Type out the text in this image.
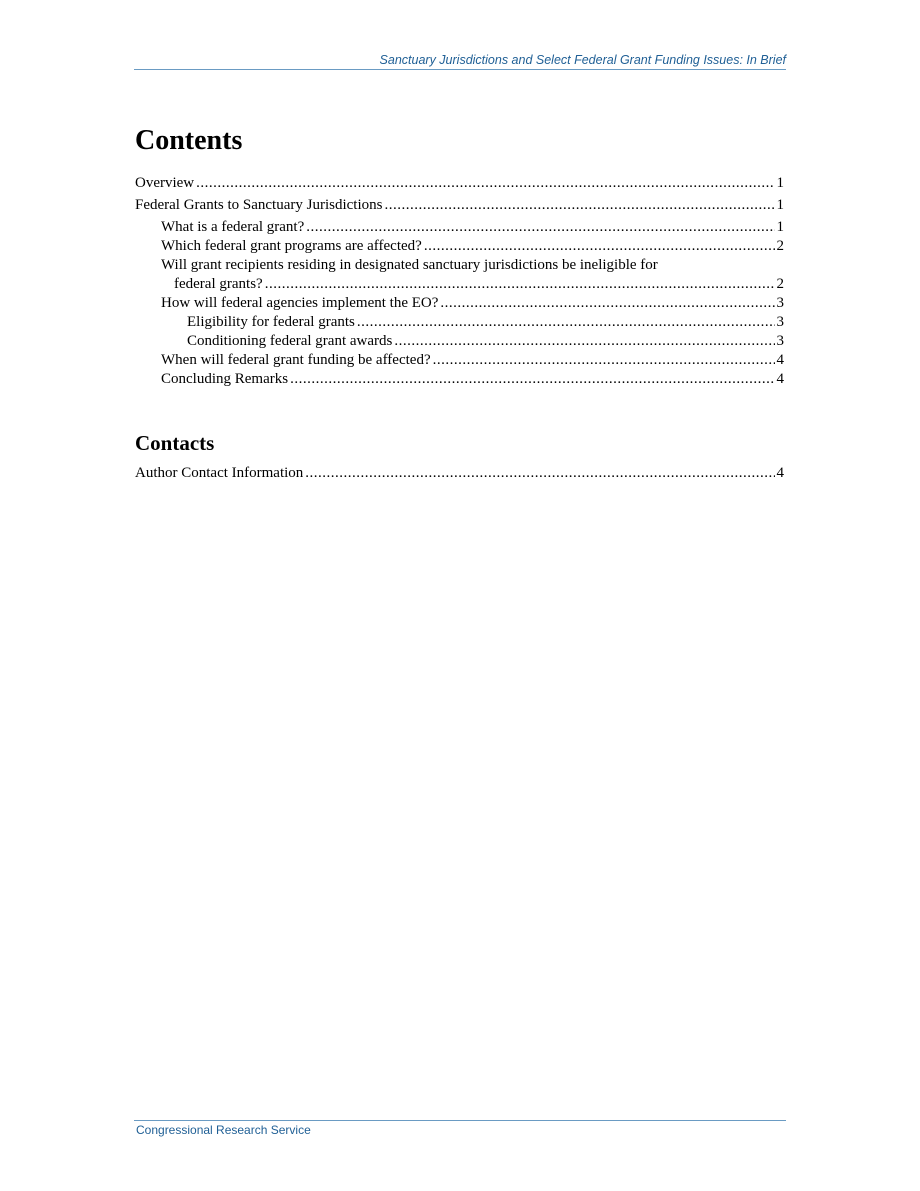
Sanctuary Jurisdictions and Select Federal Grant Funding Issues: In Brief
Contents
Overview .....	1
Federal Grants to Sanctuary Jurisdictions .....	1
What is a federal grant? .....	1
Which federal grant programs are affected? .....	2
Will grant recipients residing in designated sanctuary jurisdictions be ineligible for
federal grants? .....	2
How will federal agencies implement the EO? .....	3
Eligibility for federal grants .....	3
Conditioning federal grant awards .....	3
When will federal grant funding be affected? .....	4
Concluding Remarks .....	4
Contacts
Author Contact Information .....	4
Congressional Research Service
